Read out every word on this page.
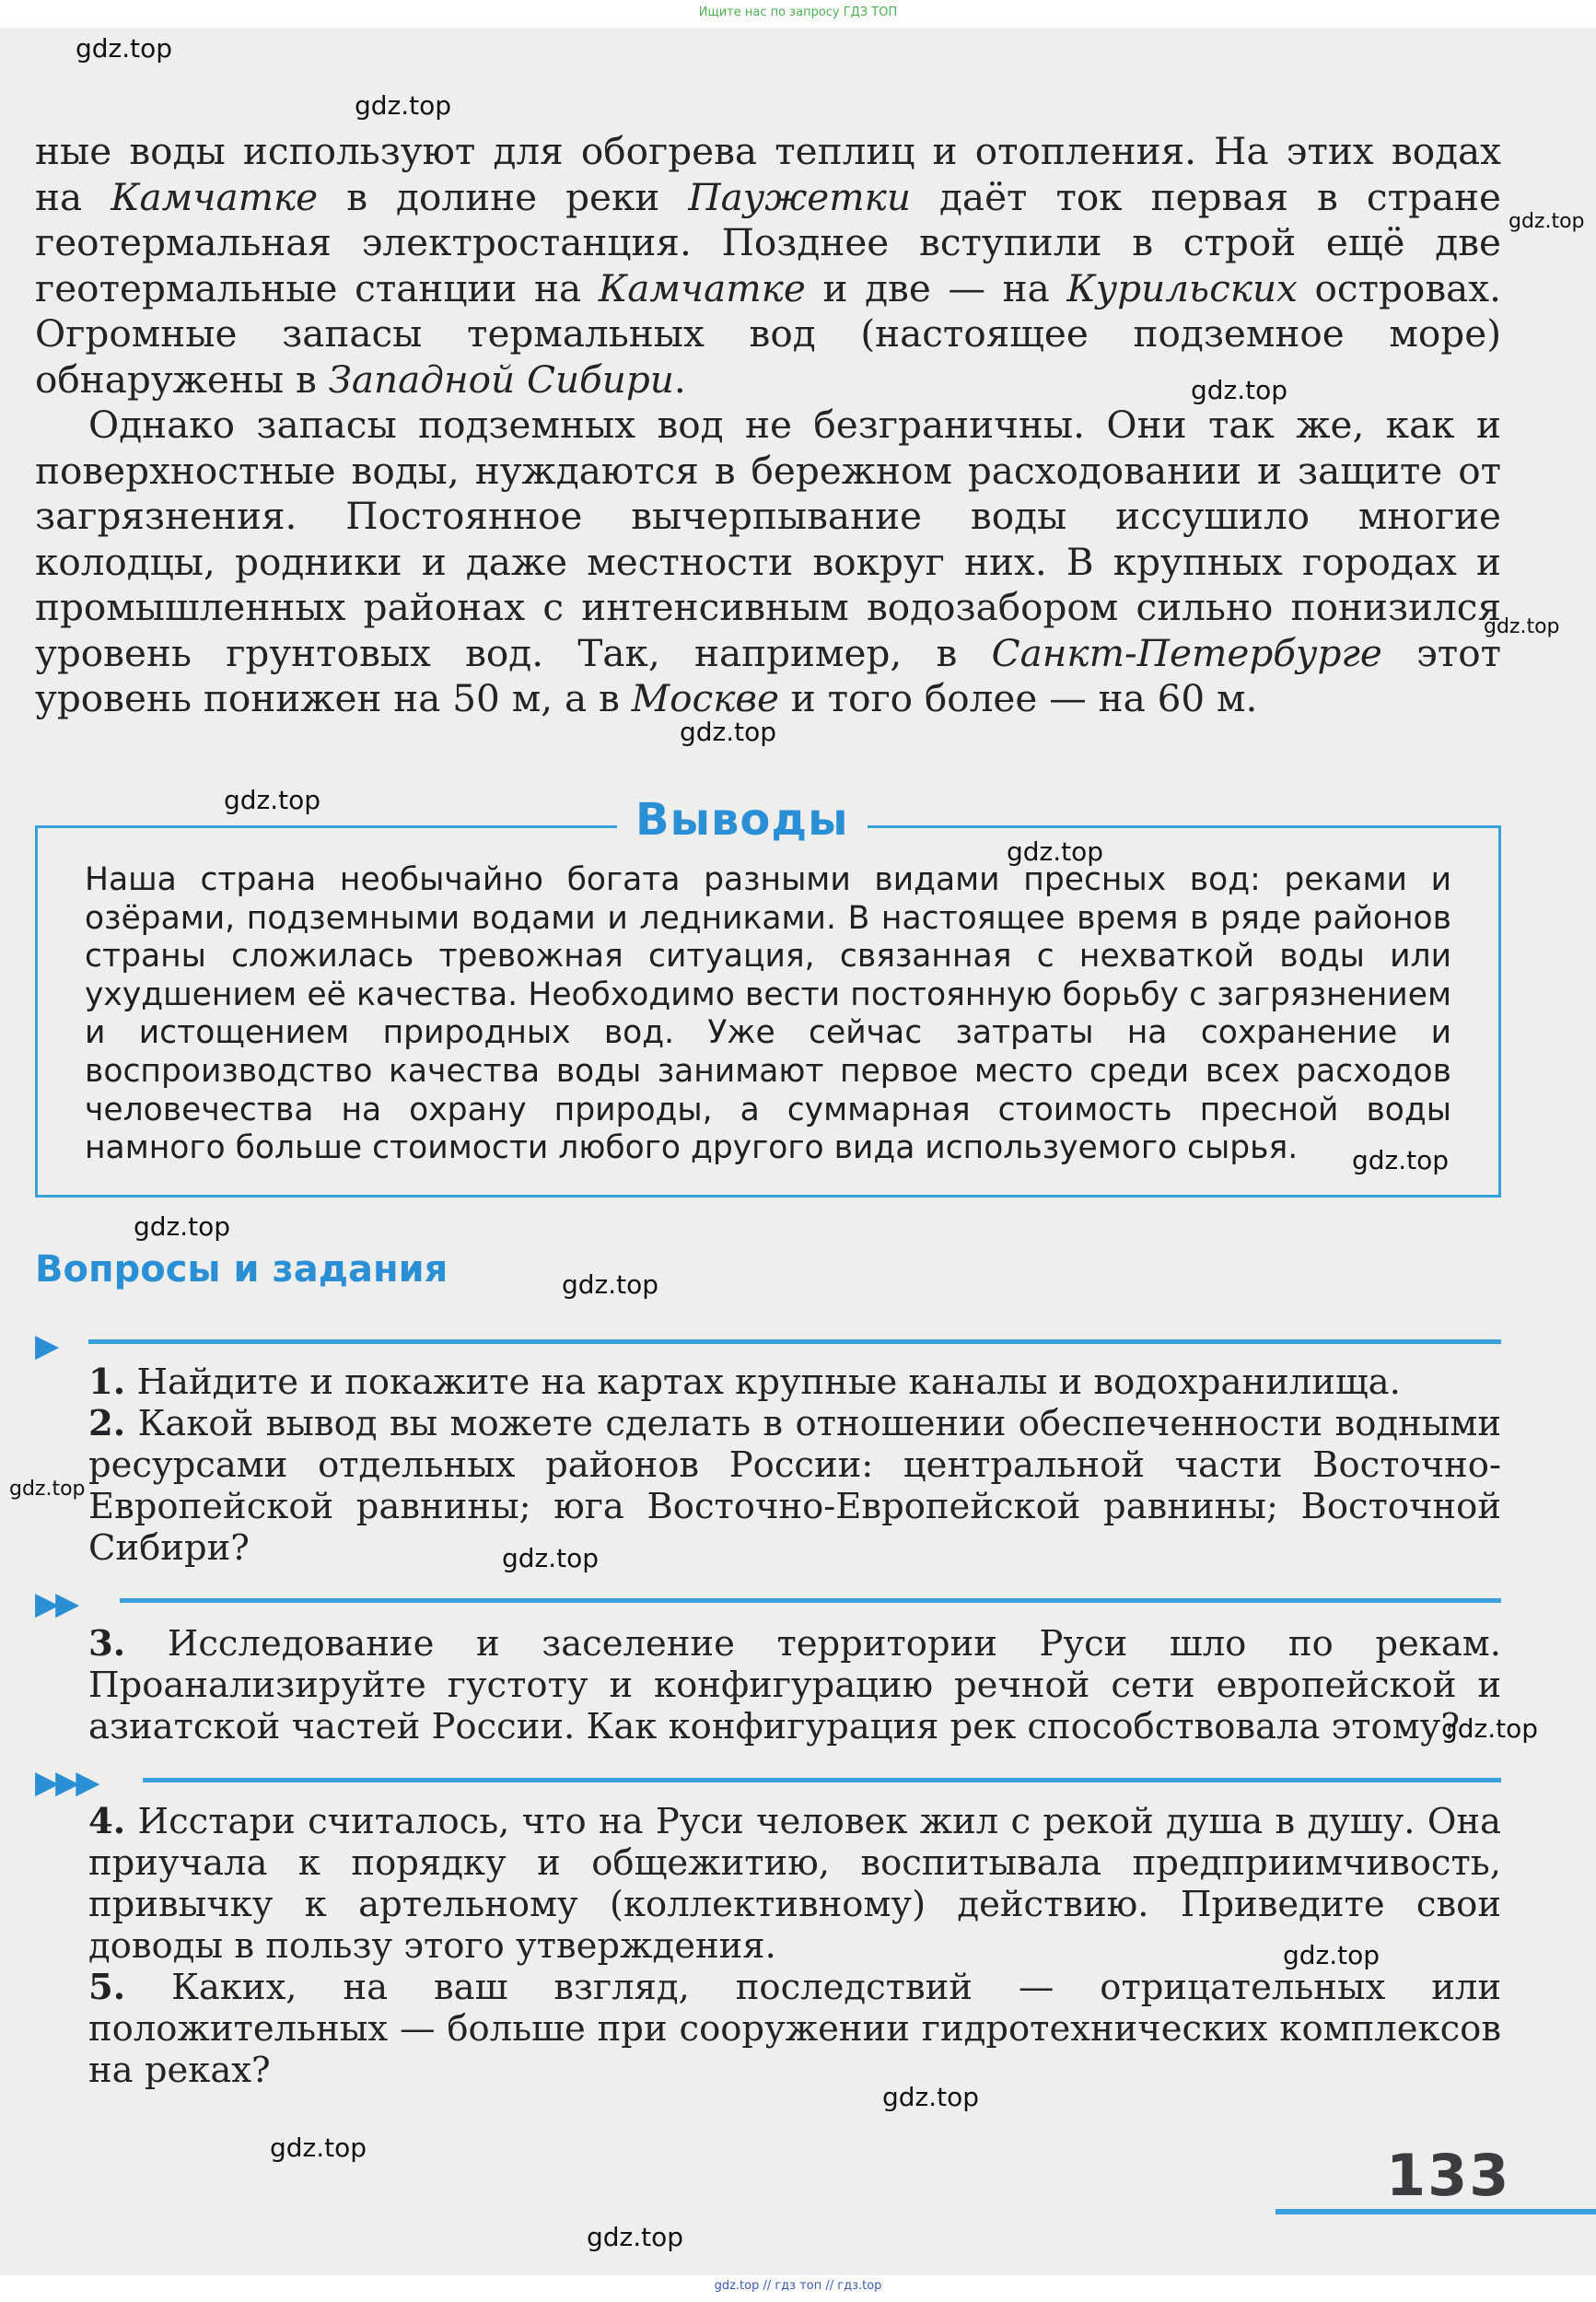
Ищите нас по запросу ГДЗ ТОП

ные воды используют для обогрева теплиц и отопления. На этих водах на Камчатке в долине реки Паужетки даёт ток первая в стране геотермальная электростанция. Позднее вступили в строй ещё две геотермальные станции на Камчатке и две — на Курильских островах. Огромные запасы термальных вод (настоящее подземное море) обнаружены в Западной Сибири.

Однако запасы подземных вод не безграничны. Они так же, как и поверхностные воды, нуждаются в бережном расходовании и защите от загрязнения. Постоянное вычерпывание воды иссушило многие колодцы, родники и даже местности вокруг них. В крупных городах и промышленных районах с интенсивным водозабором сильно понизился уровень грунтовых вод. Так, например, в Санкт-Петербурге этот уровень понижен на 50 м, а в Москве и того более — на 60 м.

Выводы

Наша страна необычайно богата разными видами пресных вод: реками и озёрами, подземными водами и ледниками. В настоящее время в ряде районов страны сложилась тревожная ситуация, связанная с нехваткой воды или ухудшением её качества. Необходимо вести постоянную борьбу с загрязнением и истощением природных вод. Уже сейчас затраты на сохранение и воспроизводство качества воды занимают первое место среди всех расходов человечества на охрану природы, а суммарная стоимость пресной воды намного больше стоимости любого другого вида используемого сырья.

Вопросы и задания
▶

1. Найдите и покажите на картах крупные каналы и водохранилища.

2. Какой вывод вы можете сделать в отношении обеспеченности водными ресурсами отдельных районов России: центральной части Восточно-Европейской равнины; юга Восточно-Европейской равнины; Восточной Сибири?

▶▶

3. Исследование и заселение территории Руси шло по рекам. Проанализируйте густоту и конфигурацию речной сети европейской и азиатской частей России. Как конфигурация рек способствовала этому?

▶▶▶

4. Исстари считалось, что на Руси человек жил с рекой душа в душу. Она приучала к порядку и общежитию, воспитывала предприимчивость, привычку к артельному (коллективному) действию. Приведите свои доводы в пользу этого утверждения.

5. Каких, на ваш взгляд, последствий — отрицательных или положительных — больше при сооружении гидротехнических комплексов на реках?

133
gdz.top
gdz.top
gdz.top
gdz.top
gdz.top
gdz.top
gdz.top
gdz.top
gdz.top
gdz.top
gdz.top
gdz.top
gdz.top
gdz.top
gdz.top
gdz.top
gdz.top
gdz.top
gdz.top // гдз топ // гдз.top
